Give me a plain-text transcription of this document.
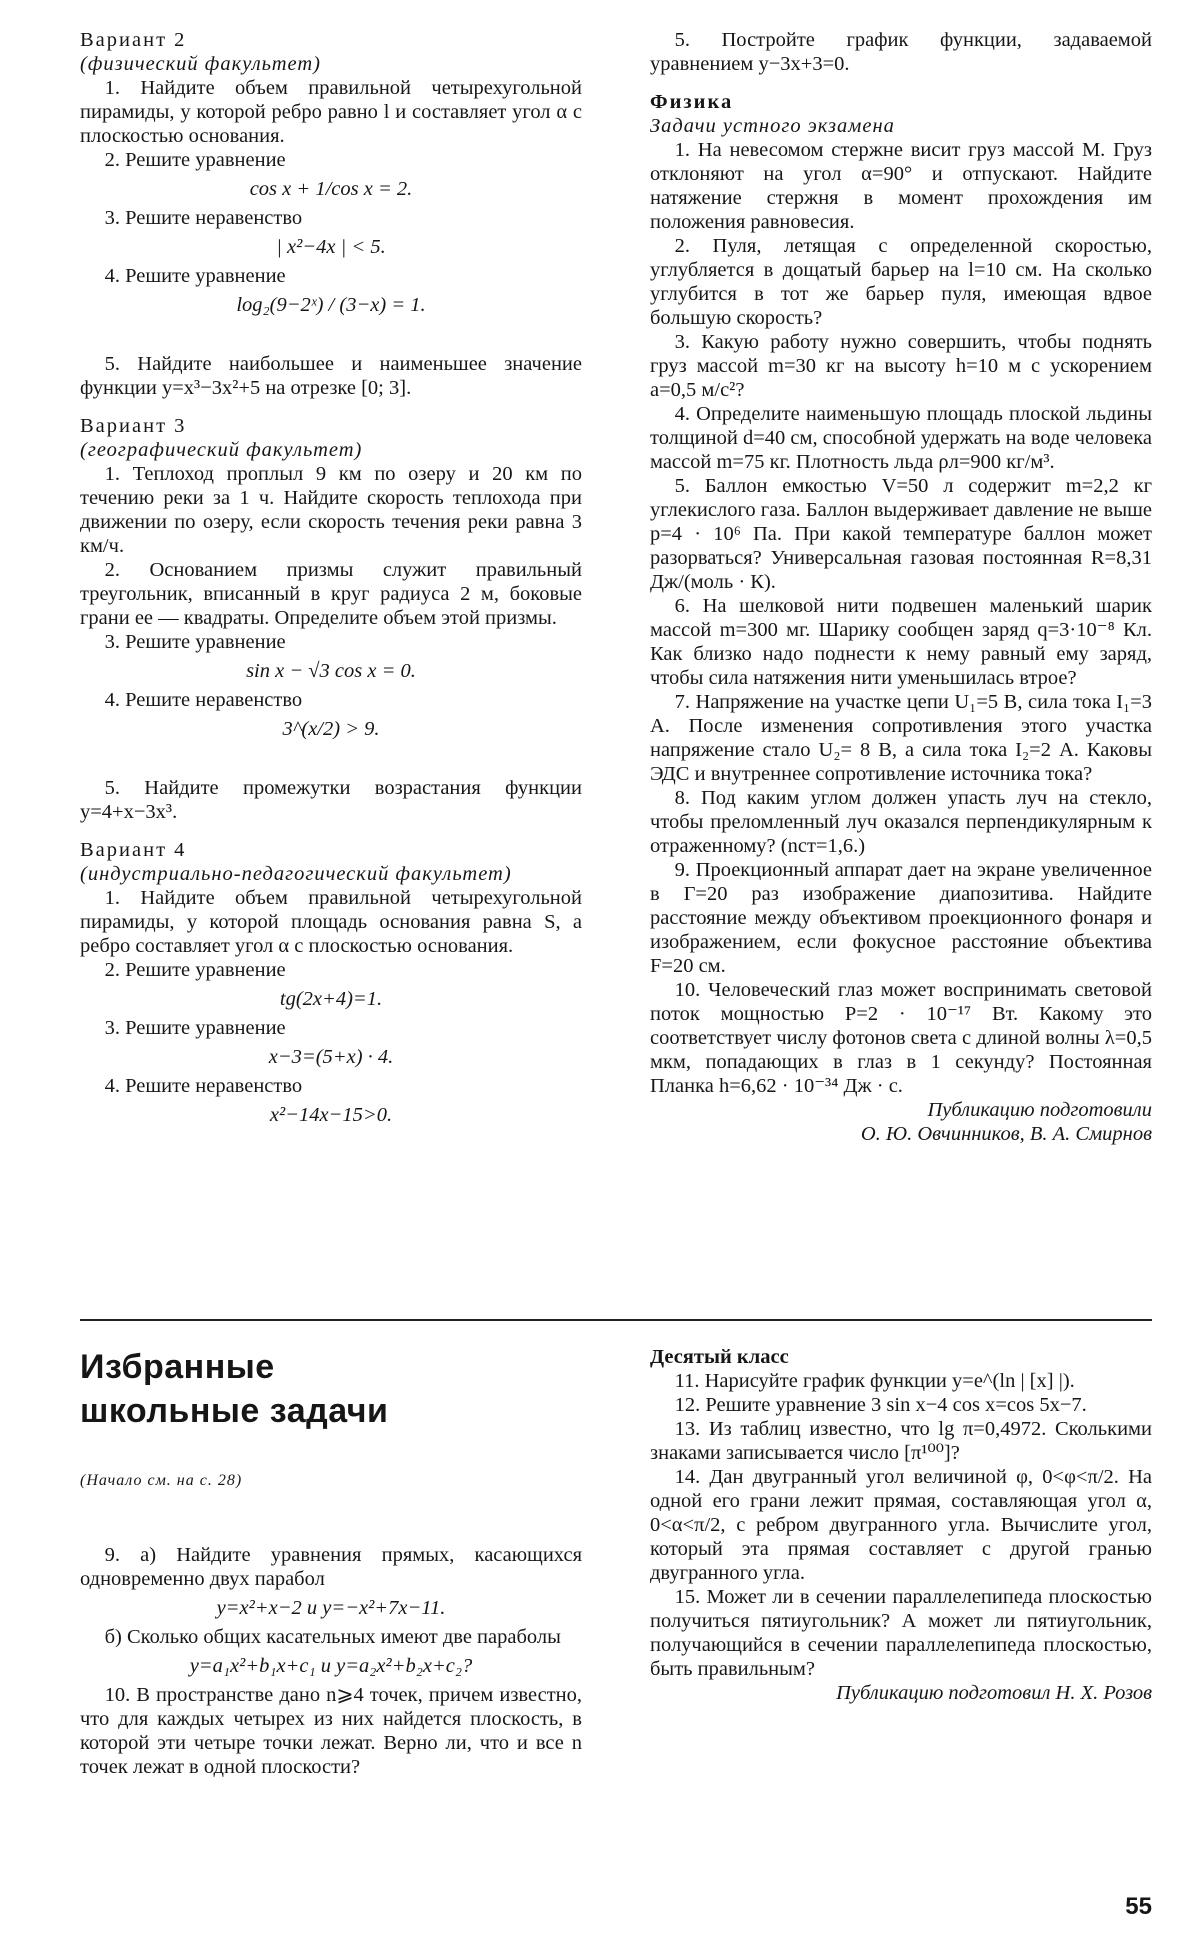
Вариант 2

(физический факультет)

1. Найдите объем правильной четырехугольной пирамиды, у которой ребро равно l и составляет угол α с плоскостью основания.

2. Решите уравнение

cos x + 1/cos x = 2.

3. Решите неравенство

| x²−4x | < 5.

4. Решите уравнение

log₂(9−2ˣ) / (3−x) = 1.

5. Найдите наибольшее и наименьшее значение функции y=x³−3x²+5 на отрезке [0; 3].

Вариант 3

(географический факультет)

1. Теплоход проплыл 9 км по озеру и 20 км по течению реки за 1 ч. Найдите скорость теплохода при движении по озеру, если скорость течения реки равна 3 км/ч.

2. Основанием призмы служит правильный треугольник, вписанный в круг радиуса 2 м, боковые грани ее — квадраты. Определите объем этой призмы.

3. Решите уравнение

sin x − √3 cos x = 0.

4. Решите неравенство

3^(x/2) > 9.

5. Найдите промежутки возрастания функции y=4+x−3x³.

Вариант 4

(индустриально-педагогический факультет)

1. Найдите объем правильной четырехугольной пирамиды, у которой площадь основания равна S, а ребро составляет угол α с плоскостью основания.

2. Решите уравнение

tg(2x+4)=1.

3. Решите уравнение

x−3=(5+x) · 4.

4. Решите неравенство

x²−14x−15>0.

5. Постройте график функции, задаваемой уравнением y−3x+3=0.

Физика

Задачи устного экзамена

1. На невесомом стержне висит груз массой M. Груз отклоняют на угол α=90° и отпускают. Найдите натяжение стержня в момент прохождения им положения равновесия.

2. Пуля, летящая с определенной скоростью, углубляется в дощатый барьер на l=10 см. На сколько углубится в тот же барьер пуля, имеющая вдвое большую скорость?

3. Какую работу нужно совершить, чтобы поднять груз массой m=30 кг на высоту h=10 м с ускорением a=0,5 м/с²?

4. Определите наименьшую площадь плоской льдины толщиной d=40 см, способной удержать на воде человека массой m=75 кг. Плотность льда ρл=900 кг/м³.

5. Баллон емкостью V=50 л содержит m=2,2 кг углекислого газа. Баллон выдерживает давление не выше p=4 · 10⁶ Па. При какой температуре баллон может разорваться? Универсальная газовая постоянная R=8,31 Дж/(моль · К).

6. На шелковой нити подвешен маленький шарик массой m=300 мг. Шарику сообщен заряд q=3·10⁻⁸ Кл. Как близко надо поднести к нему равный ему заряд, чтобы сила натяжения нити уменьшилась втрое?

7. Напряжение на участке цепи U₁=5 В, сила тока I₁=3 А. После изменения сопротивления этого участка напряжение стало U₂= 8 В, а сила тока I₂=2 А. Каковы ЭДС и внутреннее сопротивление источника тока?

8. Под каким углом должен упасть луч на стекло, чтобы преломленный луч оказался перпендикулярным к отраженному? (nст=1,6.)

9. Проекционный аппарат дает на экране увеличенное в Γ=20 раз изображение диапозитива. Найдите расстояние между объективом проекционного фонаря и изображением, если фокусное расстояние объектива F=20 см.

10. Человеческий глаз может воспринимать световой поток мощностью P=2 · 10⁻¹⁷ Вт. Какому это соответствует числу фотонов света с длиной волны λ=0,5 мкм, попадающих в глаз в 1 секунду? Постоянная Планка h=6,62 · 10⁻³⁴ Дж · с.

Публикацию подготовили

О. Ю. Овчинников, В. А. Смирнов

Избранные

школьные задачи

(Начало см. на с. 28)

9. а) Найдите уравнения прямых, касающихся одновременно двух парабол

y=x²+x−2 и y=−x²+7x−11.

б) Сколько общих касательных имеют две параболы

y=a₁x²+b₁x+c₁ и y=a₂x²+b₂x+c₂?

10. В пространстве дано n⩾4 точек, причем известно, что для каждых четырех из них найдется плоскость, в которой эти четыре точки лежат. Верно ли, что и все n точек лежат в одной плоскости?

Десятый класс

11. Нарисуйте график функции y=e^(ln | [x] |).

12. Решите уравнение 3 sin x−4 cos x=cos 5x−7.

13. Из таблиц известно, что lg π=0,4972. Сколькими знаками записывается число [π¹⁰⁰]?

14. Дан двугранный угол величиной φ, 0<φ<π/2. На одной его грани лежит прямая, составляющая угол α, 0<α<π/2, с ребром двугранного угла. Вычислите угол, который эта прямая составляет с другой гранью двугранного угла.

15. Может ли в сечении параллелепипеда плоскостью получиться пятиугольник? А может ли пятиугольник, получающийся в сечении параллелепипеда плоскостью, быть правильным?

Публикацию подготовил Н. Х. Розов

55
